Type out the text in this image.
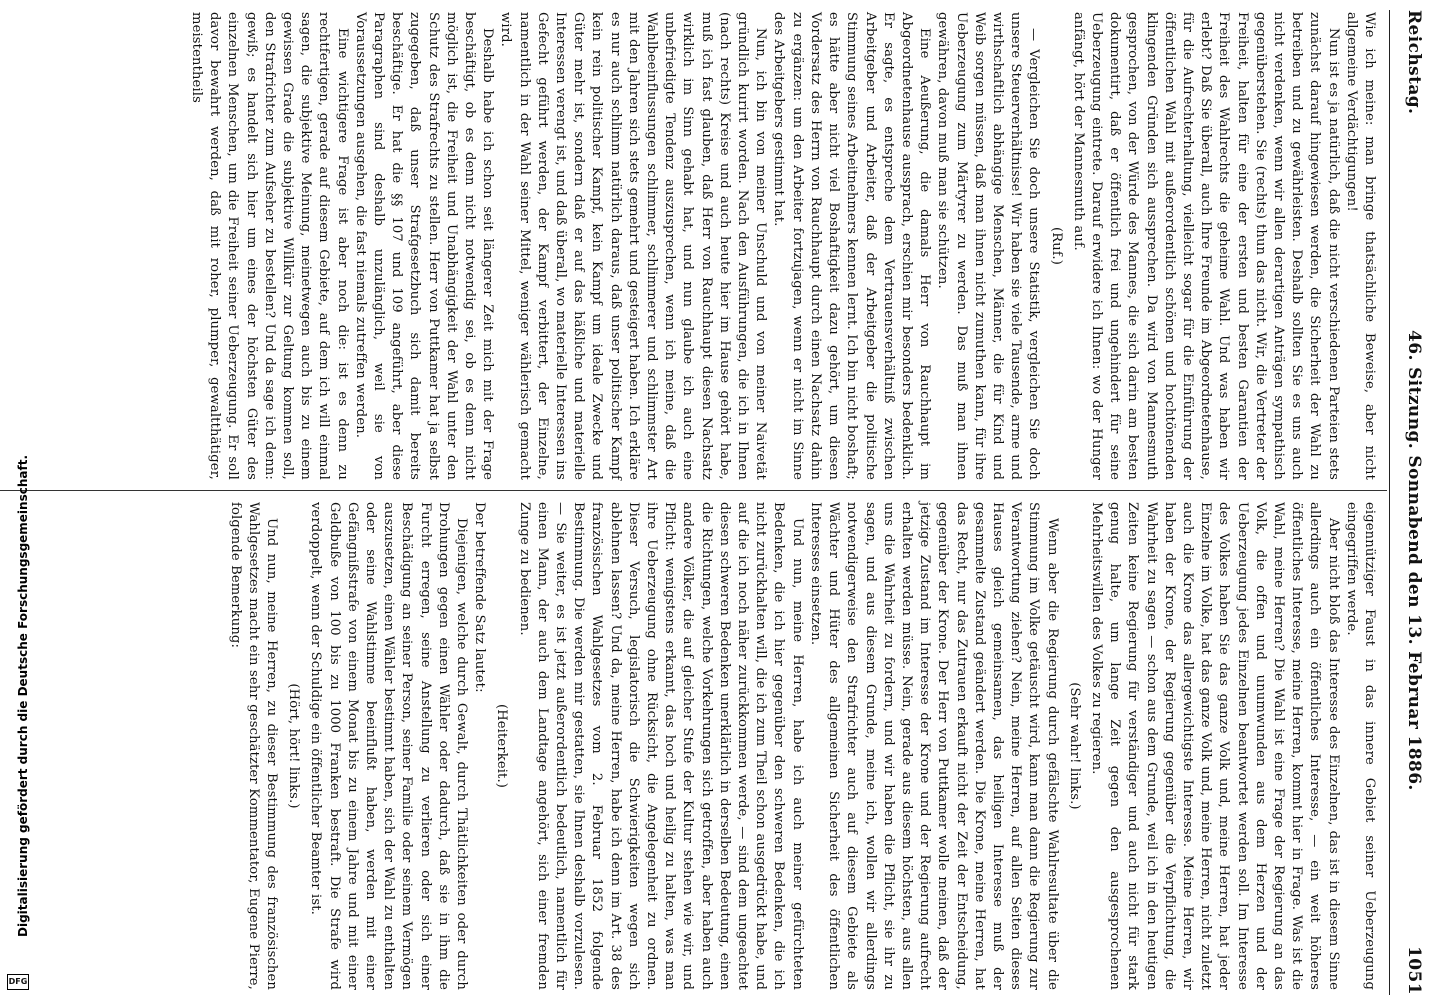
Reichstag.
46. Sitzung. Sonnabend den 13. Februar 1886.
1051

Wie ich meine: man bringe thatsächliche Beweise, aber nicht allgemeine Verdächtigungen!

Nun ist es ja natürlich, daß die nicht verschiedenen Parteien stets zunächst darauf hingewiesen werden, die Sicherheit der Wahl zu betreiben und zu gewährleisten. Deshalb sollten Sie es uns auch nicht verdenken, wenn wir allen derartigen Anträgen sympathisch gegenüberstehen. Sie (rechts) thun das nicht. Wir, die Vertreter der Freiheit, halten für eine der ersten und besten Garantien der Freiheit des Wahlrechts die geheime Wahl. Und was haben wir erlebt? Daß Sie überall, auch Ihre Freunde im Abgeordnetenhause, für die Aufrechterhaltung, vielleicht sogar für die Einführung der öffentlichen Wahl mit außerordentlich schönen und hochtönenden klingenden Gründen sich aussprechen. Da wird von Mannesmuth gesprochen, von der Würde des Mannes, die sich darin am besten dokumentirt, daß er öffentlich frei und ungehindert für seine Ueberzeugung eintrete. Darauf erwidere ich Ihnen: wo der Hunger anfängt, hört der Mannesmuth auf.

(Ruf.)

— Vergleichen Sie doch unsere Statistik, vergleichen Sie doch unsere Steuerverhältnisse! Wir haben sie viele Tausende, arme und wirthschaftlich abhängige Menschen, Männer, die für Kind und Weib sorgen müssen, daß man ihnen nicht zumuthen kann, für ihre Ueberzeugung zum Märtyrer zu werden. Das muß man ihnen gewähren, davon muß man sie schützen.

Eine Aeußerung, die damals Herr von Rauchhaupt im Abgeordnetenhause aussprach, erschien mir besonders bedenklich. Er sagte, es entspreche dem Vertrauensverhältniß zwischen Arbeitgeber und Arbeiter, daß der Arbeitgeber die politische Stimmung seines Arbeitnehmers kennen lernt. Ich bin nicht boshaft; es hätte aber nicht viel Boshaftigkeit dazu gehört, um diesen Vordersatz des Herrn von Rauchhaupt durch einen Nachsatz dahin zu ergänzen: um den Arbeiter fortzujagen, wenn er nicht im Sinne des Arbeitgebers gestimmt hat.

Nun, ich bin von meiner Unschuld und von meiner Naivetät gründlich kurirt worden. Nach den Ausführungen, die ich in Ihnen (nach rechts) Kreise und auch heute hier im Hause gehört habe, muß ich fast glauben, daß Herr von Rauchhaupt diesen Nachsatz wirklich im Sinn gehabt hat, und nun glaube ich auch eine unbefriedigte Tendenz auszusprechen, wenn ich meine, daß die Wahlbeeinflussungen schlimmer, schlimmerer und schlimmster Art mit den Jahren sich stets gemehrt und gesteigert haben. Ich erkläre es nur auch schlimm natürlich daraus, daß unser politischer Kampf kein rein politischer Kampf, kein Kampf um ideale Zwecke und Güter mehr ist, sondern daß er auf das häßliche und materielle Interessen verengt ist, und daß überall, wo materielle Interessen ins Gefecht geführt werden, der Kampf verbittert, der Einzelne, namentlich in der Wahl seiner Mittel, weniger wählerisch gemacht wird.

Deshalb habe ich schon seit längerer Zeit mich mit der Frage beschäftigt, ob es denn nicht notwendig sei, ob es denn nicht möglich ist, die Freiheit und Unabhängigkeit der Wahl unter den Schutz des Strafrechts zu stellen. Herr von Puttkamer hat ja selbst zugegeben, daß unser Strafgesetzbuch sich damit bereits beschäftige. Er hat die §§ 107 und 109 angeführt, aber diese Paragraphen sind deshalb unzulänglich, weil sie von Voraussetzungen ausgehen, die fast niemals zutreffen werden.

Eine wichtigere Frage ist aber noch die: ist es denn zu rechtfertigen, gerade auf diesem Gebiete, auf dem ich will einmal sagen, die subjektive Meinung, meinetwegen auch bis zu einem gewissen Grade die subjektive Willkür zur Geltung kommen soll, den Strafrichter zum Aufseher zu bestellen? Und da sage ich denn: gewiß; es handelt sich hier um eines der höchsten Güter des einzelnen Menschen, um die Freiheit seiner Ueberzeugung. Er soll davor bewahrt werden, daß mit roher, plumper, gewaltthätiger, meistentheils

eigennütziger Faust in das innere Gebiet seiner Ueberzeugung eingegriffen werde.

Aber nicht bloß das Interesse des Einzelnen, das ist in diesem Sinne allerdings auch ein öffentliches Interesse, — ein weit höheres öffentliches Interesse, meine Herren, kommt hier in Frage. Was ist die Wahl, meine Herren? Die Wahl ist eine Frage der Regierung an das Volk, die offen und unumwunden aus dem Herzen und der Ueberzeugung jedes Einzelnen beantwortet werden soll. Im Interesse des Volkes haben Sie das ganze Volk und, meine Herren, hat jeder Einzelne im Volke, hat das ganze Volk und, meine Herren, nicht zuletzt auch die Krone das allergewichtigste Interesse. Meine Herren, wir haben der Krone, der Regierung gegenüber die Verpflichtung, die Wahrheit zu sagen — schon aus dem Grunde, weil ich in den heutigen Zeiten keine Regierung für verständiger und auch nicht für stark genug halte, um lange Zeit gegen den ausgesprochenen Mehrheitswillen des Volkes zu regieren.

(Sehr wahr! links.)

Wenn aber die Regierung durch gefälschte Wahlresultate über die Stimmung im Volke getäuscht wird, kann man dann die Regierung zur Verantwortung ziehen? Nein, meine Herren, auf allen Seiten dieses Hauses gleich gemeinsamen, das heiligen Interesse muß der gesammelte Zustand geändert werden. Die Krone, meine Herren, hat das Recht, nur das Zutrauen erkauft nicht der Zeit der Entscheidung, gegenüber der Krone. Der Herr von Puttkamer wolle meinen, daß der jetzige Zustand im Interesse der Krone und der Regierung aufrecht erhalten werden müsse. Nein, gerade aus diesem höchsten, aus allen uns die Wahrheit zu fordern, und wir haben die Pflicht, sie ihr zu sagen, und aus diesem Grunde, meine ich, wollen wir allerdings notwendigerweise den Strafrichter auch auf diesem Gebiete als Wächter und Hüter des allgemeinen Sicherheit des öffentlichen Interesses einsetzen.

Und nun, meine Herren, habe ich auch meiner gefürchteten Bedenken, die ich hier gegenüber den schweren Bedenken, die ich nicht zurückhalten will, die ich zum Theil schon ausgedrückt habe, und auf die ich noch näher zurückkommen werde, — sind dem ungeachtet diesen schweren Bedenken unerklärlich in derselben Bedeutung, einen die Richtungen, welche Vorkehrungen sich getroffen, aber haben auch andere Völker, die auf gleicher Stufe der Kultur stehen wie wir, und Pflicht: wenigstens erkannt, das hoch und heilig zu halten, was man ihre Ueberzeugung ohne Rücksicht, die Angelegenheit zu ordnen. Dieser Versuch, legislatorisch die Schwierigkeiten wegen sich ablehnen lassen? Und da, meine Herren, habe ich denn im Art. 38 des französischen Wahlgesetzes vom 2. Februar 1852 folgende Bestimmung. Die werden mir gestatten, sie Ihnen deshalb vorzulesen. — Sie weiter, es ist jetzt außerordentlich bedeutlich, namentlich für einen Mann, der auch dem Landtage angehört, sich einer fremden Zunge zu bedienen.

(Heiterkeit.)

Der betreffende Satz lautet:

Diejenigen, welche durch Gewalt, durch Thätlichkeiten oder durch Drohungen gegen einen Wähler oder dadurch, daß sie in ihm die Furcht erregen, seine Anstellung zu verlieren oder sich einer Beschädigung an seiner Person, seiner Familie oder seinem Vermögen auszusetzen, einen Wähler bestimmt haben, sich der Wahl zu enthalten oder seine Wahlstimme beeinflußt haben, werden mit einer Gefängnißstrafe von einem Monat bis zu einem Jahre und mit einer Geldbuße von 100 bis zu 1000 Franken bestraft. Die Strafe wird verdoppelt, wenn der Schuldige ein öffentlicher Beamter ist.

(Hört, hört! links.)

Und nun, meine Herren, zu dieser Bestimmung des französischen Wahlgesetzes macht ein sehr geschätzter Kommentator, Eugene Pierre, folgende Bemerkung:

Digitalisierung gefördert durch die Deutsche Forschungsgemeinschaft.
DFG
